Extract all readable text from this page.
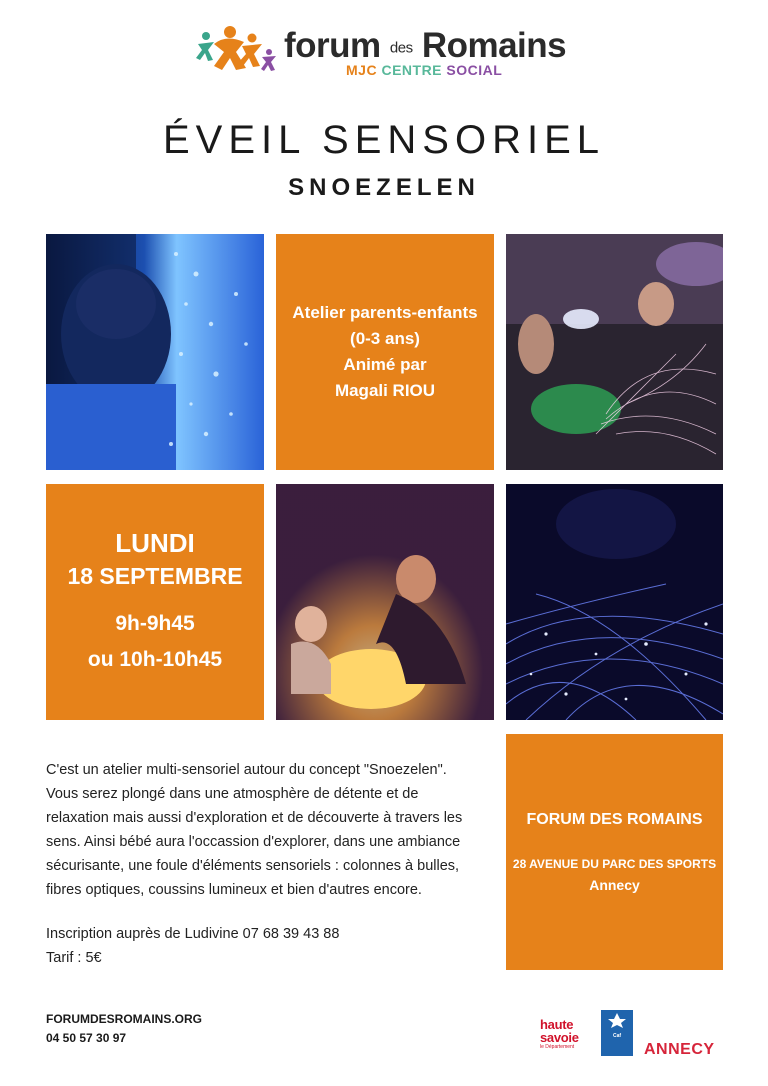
forum des Romains
MJC CENTRE SOCIAL
ÉVEIL SENSORIEL
SNOEZELEN
Atelier parents-enfants
(0-3 ans)
Animé par
Magali RIOU
LUNDI
18 SEPTEMBRE
9h-9h45
ou 10h-10h45
C'est un atelier multi-sensoriel autour du concept "Snoezelen".
Vous serez plongé dans une atmosphère de détente et de
relaxation mais aussi d'exploration et de découverte à travers les
sens. Ainsi bébé aura l'occassion d'explorer, dans une ambiance
sécurisante, une foule d'éléments sensoriels : colonnes à bulles,
fibres optiques, coussins lumineux et bien d'autres encore.
Inscription auprès de Ludivine 07 68 39 43 88
Tarif : 5€
FORUM DES ROMAINS
28 AVENUE DU PARC DES SPORTS
Annecy
FORUMDESROMAINS.ORG
04 50 57 30 97
haute
savoie
le Département
Caf
ANNECY
